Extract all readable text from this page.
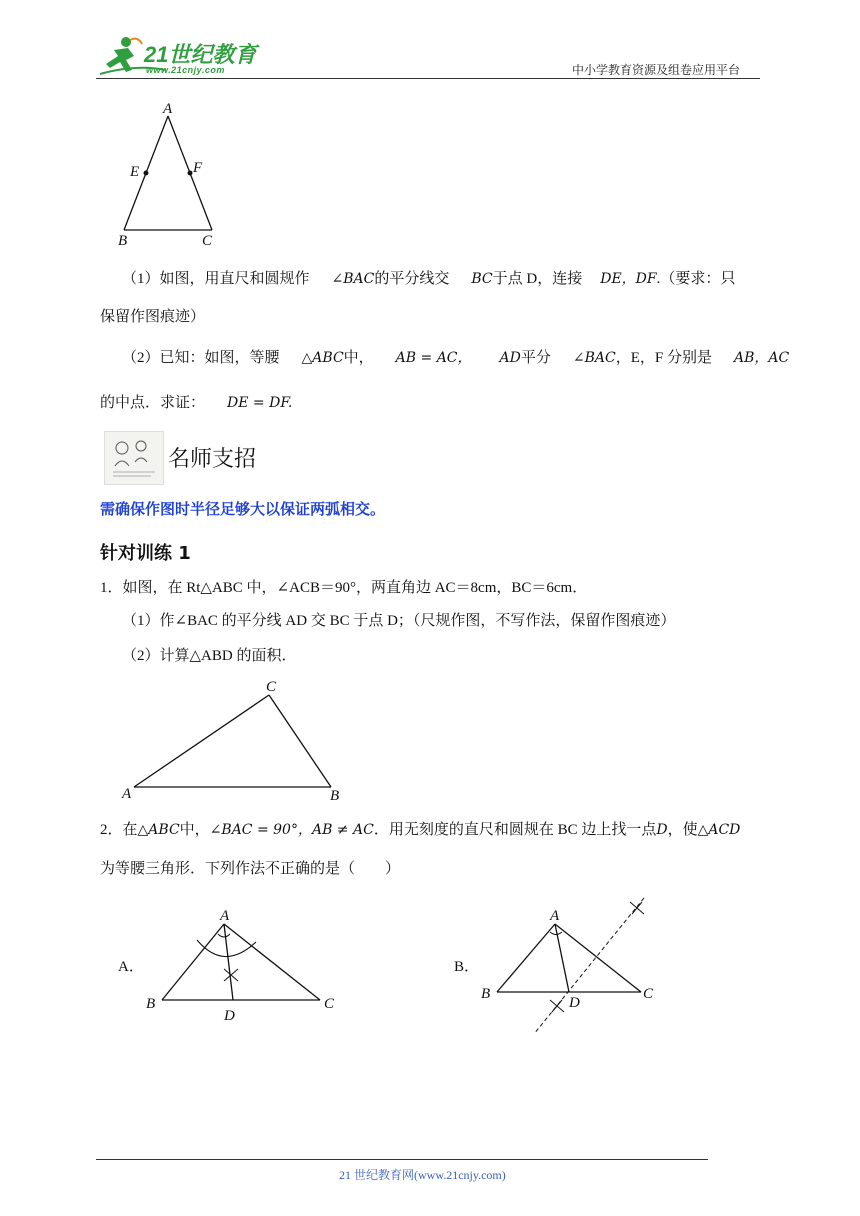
21世纪教育
www.21cnjy.com	中小学教育资源及组卷应用平台
A
E	F
B	C
（1）如图，用直尺和圆规作 ∠BAC的平分线交 BC于点 D，连接 DE，DF.（要求：只
保留作图痕迹）
（2）已知：如图，等腰 △ABC中， AB = AC， AD平分 ∠BAC，E，F 分别是 AB，AC
的中点．求证： DE = DF.
名师支招
需确保作图时半径足够大以保证两弧相交。
针对训练 1
1．如图，在 Rt△ABC 中，∠ACB＝90°，两直角边 AC＝8cm，BC＝6cm．
（1）作∠BAC 的平分线 AD 交 BC 于点 D；（尺规作图，不写作法，保留作图痕迹）
（2）计算△ABD 的面积．
C
A	B
2．在△ABC中，∠BAC = 90°，AB ≠ AC．用无刻度的直尺和圆规在 BC 边上找一点D，使△ACD
为等腰三角形．下列作法不正确的是（　　）
A．
A
B	C
D
B．
A
B	C
D
21 世纪教育网(www.21cnjy.com)
